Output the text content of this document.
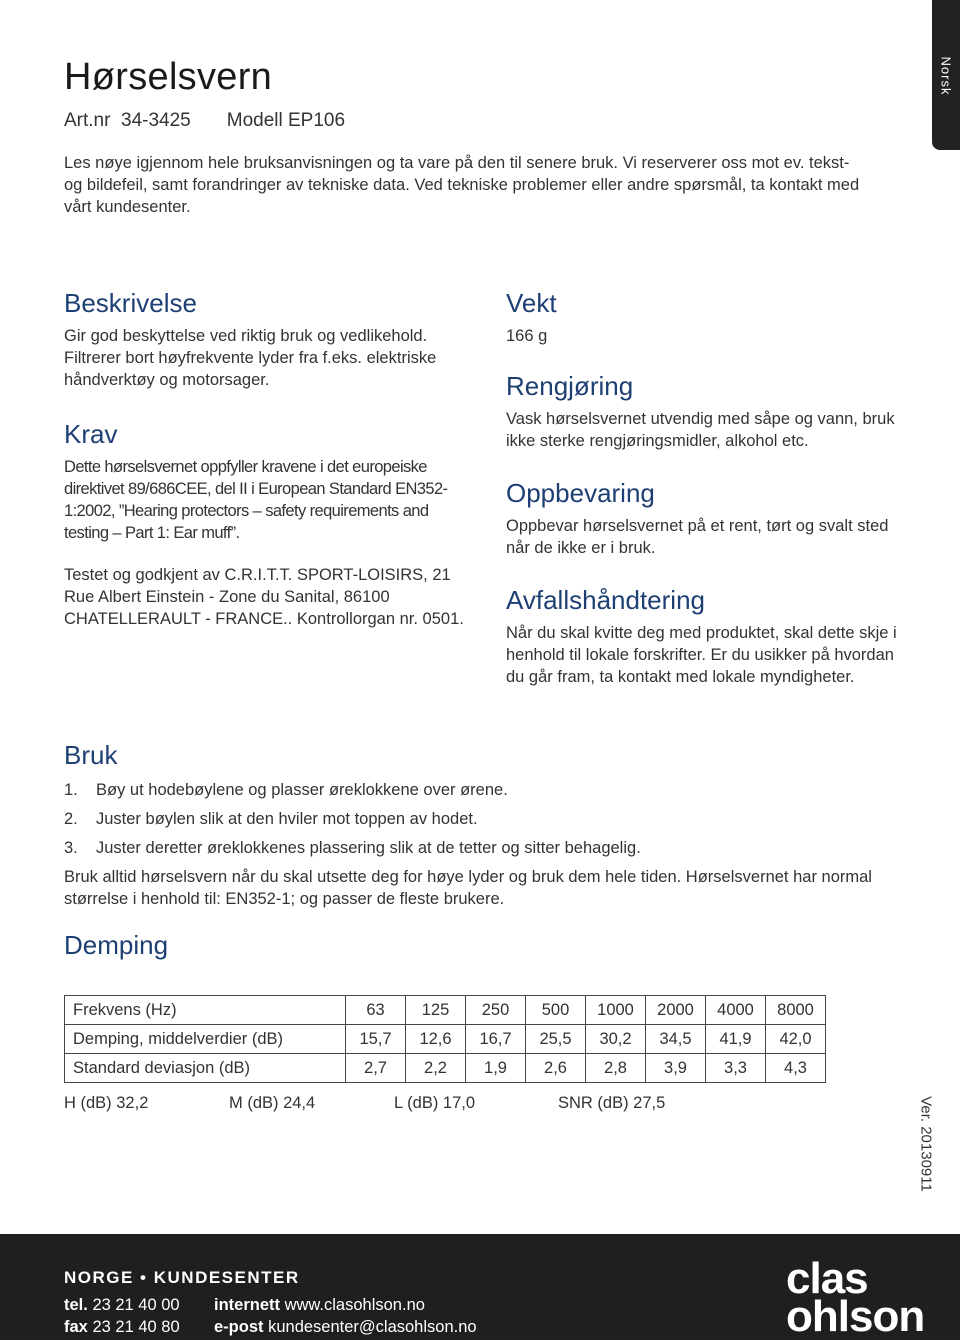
Norsk
Hørselsvern
Art.nr  34-3425 Modell EP106

Les nøye igjennom hele bruksanvisningen og ta vare på den til senere bruk. Vi reserverer oss mot ev. tekst- og bildefeil, samt forandringer av tekniske data. Ved tekniske problemer eller andre spørsmål, ta kontakt med vårt kundesenter.

Beskrivelse

Gir god beskyttelse ved riktig bruk og vedlikehold. Filtrerer bort høyfrekvente lyder fra f.eks. elektriske håndverktøy og motorsager.

Krav

Dette hørselsvernet oppfyller kravene i det europeiske direktivet 89/686CEE, del II i European Standard EN352-1:2002, ”Hearing protectors – safety requirements and testing – Part 1: Ear muff”.

Testet og godkjent av C.R.I.T.T. SPORT-LOISIRS, 21 Rue Albert Einstein - Zone du Sanital, 86100 CHATELLERAULT - FRANCE.. Kontrollorgan nr. 0501.

Vekt

166 g

Rengjøring

Vask hørselsvernet utvendig med såpe og vann, bruk ikke sterke rengjøringsmidler, alkohol etc.

Oppbevaring

Oppbevar hørselsvernet på et rent, tørt og svalt sted når de ikke er i bruk.

Avfallshåndtering

Når du skal kvitte deg med produktet, skal dette skje i henhold til lokale forskrifter. Er du usikker på hvordan du går fram, ta kontakt med lokale myndigheter.

Bruk
1. Bøy ut hodebøylene og plasser øreklokkene over ørene.
2. Juster bøylen slik at den hviler mot toppen av hodet.
3. Juster deretter øreklokkenes plassering slik at de tetter og sitter behagelig.

Bruk alltid hørselsvern når du skal utsette deg for høye lyder og bruk dem hele tiden. Hørselsvernet har normal størrelse i henhold til: EN352-1; og passer de fleste brukere.

Demping
Frekvens (Hz)	63	125	250	500	1000	2000	4000	8000
Demping, middelverdier (dB)	15,7	12,6	16,7	25,5	30,2	34,5	41,9	42,0
Standard deviasjon (dB)	2,7	2,2	1,9	2,6	2,8	3,9	3,3	4,3
H (dB) 32,2	M (dB) 24,4	L (dB) 17,0	SNR (dB) 27,5	Ver. 20130911
NORGE • KUNDESENTER
tel. 23 21 40 00 internett www.clasohlson.no
fax 23 21 40 80 e-post kundesenter@clasohlson.no
clas
ohlson
